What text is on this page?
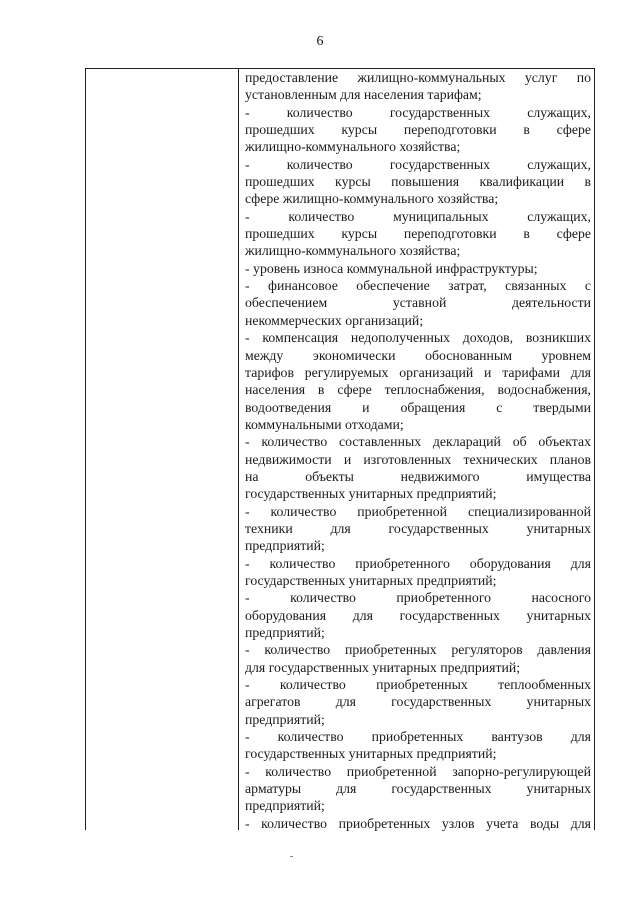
6
предоставление жилищно-коммунальных услуг по
установленным для населения тарифам;
- количество государственных служащих,
прошедших курсы переподготовки в сфере
жилищно-коммунального хозяйства;
- количество государственных служащих,
прошедших курсы повышения квалификации в
сфере жилищно-коммунального хозяйства;
- количество муниципальных служащих,
прошедших курсы переподготовки в сфере
жилищно-коммунального хозяйства;
- уровень износа коммунальной инфраструктуры;
- финансовое обеспечение затрат, связанных с
обеспечением уставной деятельности
некоммерческих организаций;
- компенсация недополученных доходов, возникших
между экономически обоснованным уровнем
тарифов регулируемых организаций и тарифами для
населения в сфере теплоснабжения, водоснабжения,
водоотведения и обращения с твердыми
коммунальными отходами;
- количество составленных деклараций об объектах
недвижимости и изготовленных технических планов
на объекты недвижимого имущества
государственных унитарных предприятий;
- количество приобретенной специализированной
техники для государственных унитарных
предприятий;
- количество приобретенного оборудования для
государственных унитарных предприятий;
- количество приобретенного насосного
оборудования для государственных унитарных
предприятий;
- количество приобретенных регуляторов давления
для государственных унитарных предприятий;
- количество приобретенных теплообменных
агрегатов для государственных унитарных
предприятий;
- количество приобретенных вантузов для
государственных унитарных предприятий;
- количество приобретенной запорно-регулирующей
арматуры для государственных унитарных
предприятий;
- количество приобретенных узлов учета воды для
